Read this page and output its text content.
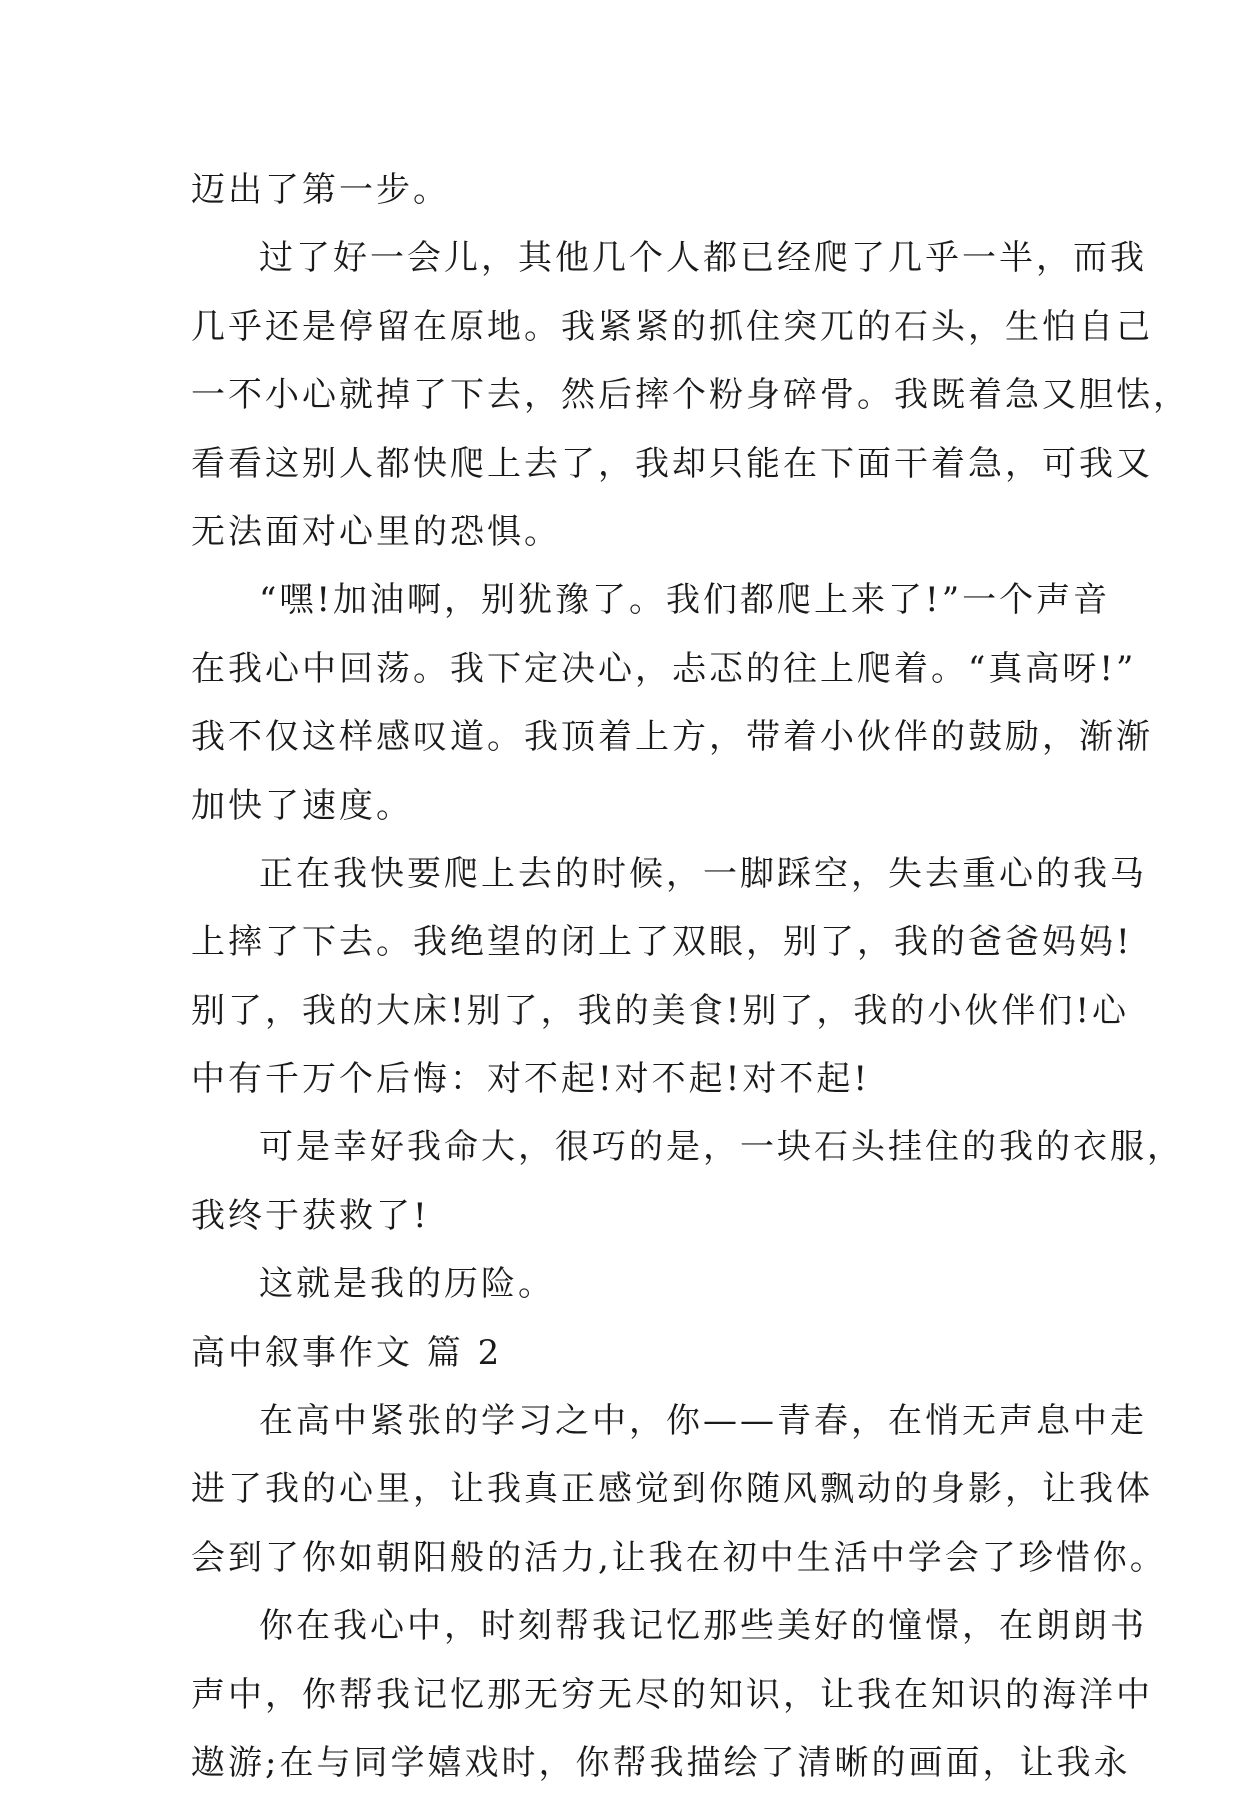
迈出了第一步。
过了好一会儿，其他几个人都已经爬了几乎一半，而我
几乎还是停留在原地。我紧紧的抓住突兀的石头，生怕自己
一不小心就掉了下去，然后摔个粉身碎骨。我既着急又胆怯，
看看这别人都快爬上去了，我却只能在下面干着急，可我又
无法面对心里的恐惧。
“嘿!加油啊，别犹豫了。我们都爬上来了!”一个声音
在我心中回荡。我下定决心，忐忑的往上爬着。“真高呀!”
我不仅这样感叹道。我顶着上方，带着小伙伴的鼓励，渐渐
加快了速度。
正在我快要爬上去的时候，一脚踩空，失去重心的我马
上摔了下去。我绝望的闭上了双眼，别了，我的爸爸妈妈!
别了，我的大床!别了，我的美食!别了，我的小伙伴们!心
中有千万个后悔：对不起!对不起!对不起!
可是幸好我命大，很巧的是，一块石头挂住的我的衣服，
我终于获救了!
这就是我的历险。
高中叙事作文 篇 2
在高中紧张的学习之中，你——青春，在悄无声息中走
进了我的心里，让我真正感觉到你随风飘动的身影，让我体
会到了你如朝阳般的活力,让我在初中生活中学会了珍惜你。
你在我心中，时刻帮我记忆那些美好的憧憬，在朗朗书
声中，你帮我记忆那无穷无尽的知识，让我在知识的海洋中
遨游;在与同学嬉戏时，你帮我描绘了清晰的画面，让我永
